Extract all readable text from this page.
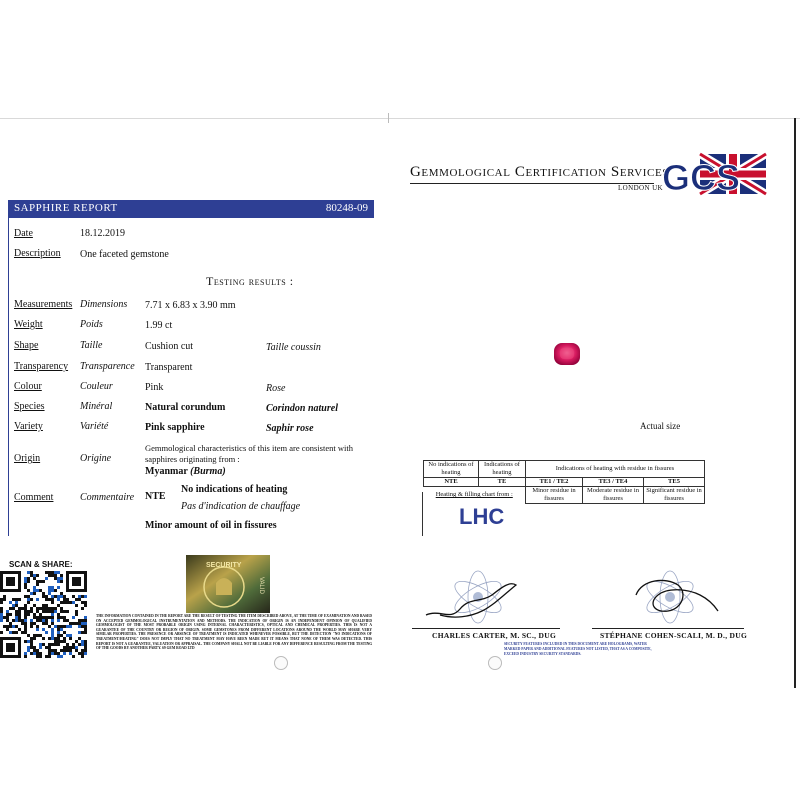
Gemmological Certification Services
LONDON UK
GCS
SAPPHIRE REPORT	80248-09
Date	18.12.2019
Description One faceted gemstone
Testing results :
Measurements Dimensions 7.71 x 6.83 x 3.90 mm
Weight	Poids	1.99 ct
Shape	Taille	Cushion cut	Taille coussin
Transparency Transparence Transparent
Colour	Couleur	Pink	Rose
Species	Minéral	Natural corundum	Corindon naturel
Variety	Variété	Pink sapphire	Saphir rose
Gemmological characteristics of this item are consistent with sapphires originating from :
Origin	Origine
Myanmar (Burma)
Comment	Commentaire NTE
No indications of heating
Pas d'indication de chauffage
Minor amount of oil in fissures
Actual size
No indications of heating	Indications of heating	Indications of heating with residue in fissures		
NTE	TE	TE1 / TE2	TE3 / TE4	TE5
Heating & filling chart from :		Minor residue in fissures	Moderate residue in fissures	Significant residue in fissures
LHC
SCAN & SHARE:	SECURITY
VALID
THE INFORMATION CONTAINED IN THE REPORT ARE THE RESULT OF TESTING THE ITEM DESCRIBED ABOVE, AT THE TIME OF EXAMINATION AND BASED ON ACCEPTED GEMMOLOGICAL INSTRUMENTATION AND METHODS. THE INDICATION OF ORIGIN IS AN INDEPENDENT OPINION OF QUALIFIED GEMMOLOGIST OF THE MOST PROBABLE ORIGIN USING INTERNAL CHARACTERISTICS, OPTICAL AND CHEMICAL PROPERTIES. THIS IS NOT A GUARANTEE OF THE COUNTRY OR REGION OF ORIGIN. SOME GEMSTONES FROM DIFFERENT LOCATIONS AROUND THE WORLD MAY SHARE VERY SIMILAR PROPERTIES. THE PRESENCE OR ABSENCE OF TREATMENT IS INDICATED WHENEVER POSSIBLE, BUT THE DETECTION "NO INDICATIONS OF TREATMENT/HEATING" DOES NOT IMPLY THAT NO TREATMENT MAY HAVE BEEN MADE BUT IT MEANS THAT NONE OF THEM WAS DETECTED. THIS REPORT IS NOT A GUARANTEE, VALUATION OR APPRAISAL. THE COMPANY SHALL NOT BE LIABLE FOR ANY DIFFERENCE RESULTING FROM THE TESTING OF THE GOODS BY ANOTHER PARTY. 69 GEM ROAD LTD
CHARLES CARTER, M. SC., DUG	STÉPHANE COHEN-SCALI, M. D., DUG
SECURITY FEATURES INCLUDED IN THIS DOCUMENT ARE HOLOGRAMS, WATER MARKED PAPER AND ADDITIONAL FEATURES NOT LISTED, THAT AS A COMPOSITE, EXCEED INDUSTRY SECURITY STANDARDS.
